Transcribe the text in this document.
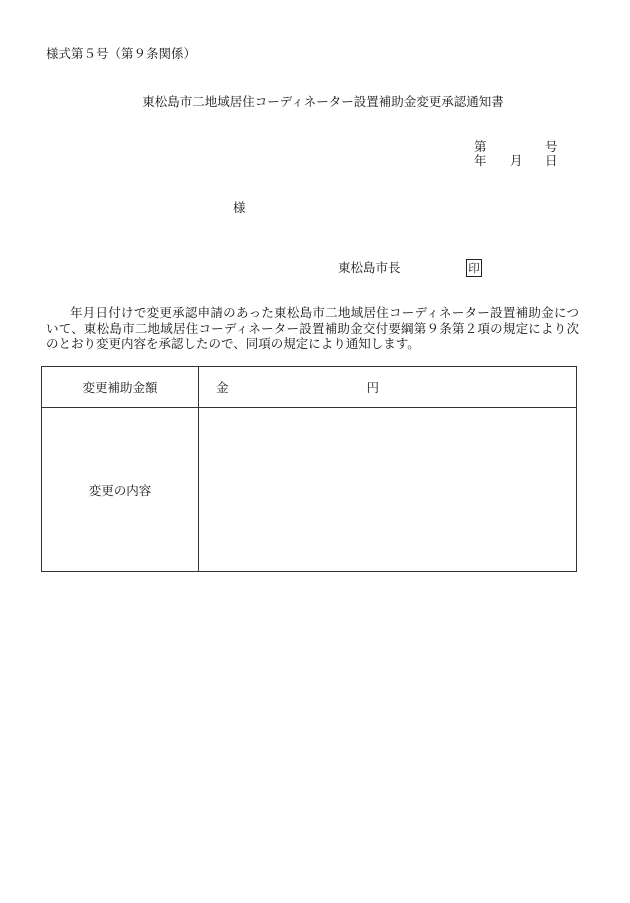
様式第５号（第９条関係）
東松島市二地域居住コーディネーター設置補助金変更承認通知書
第	号
年 月 日
様
東松島市長	印
年月日付けで変更承認申請のあった東松島市二地域居住コーディネーター設置補助金について、東松島市二地域居住コーディネーター設置補助金交付要綱第９条第２項の規定により次のとおり変更内容を承認したので、同項の規定により通知します。
変更補助金額	金 円
変更の内容	
